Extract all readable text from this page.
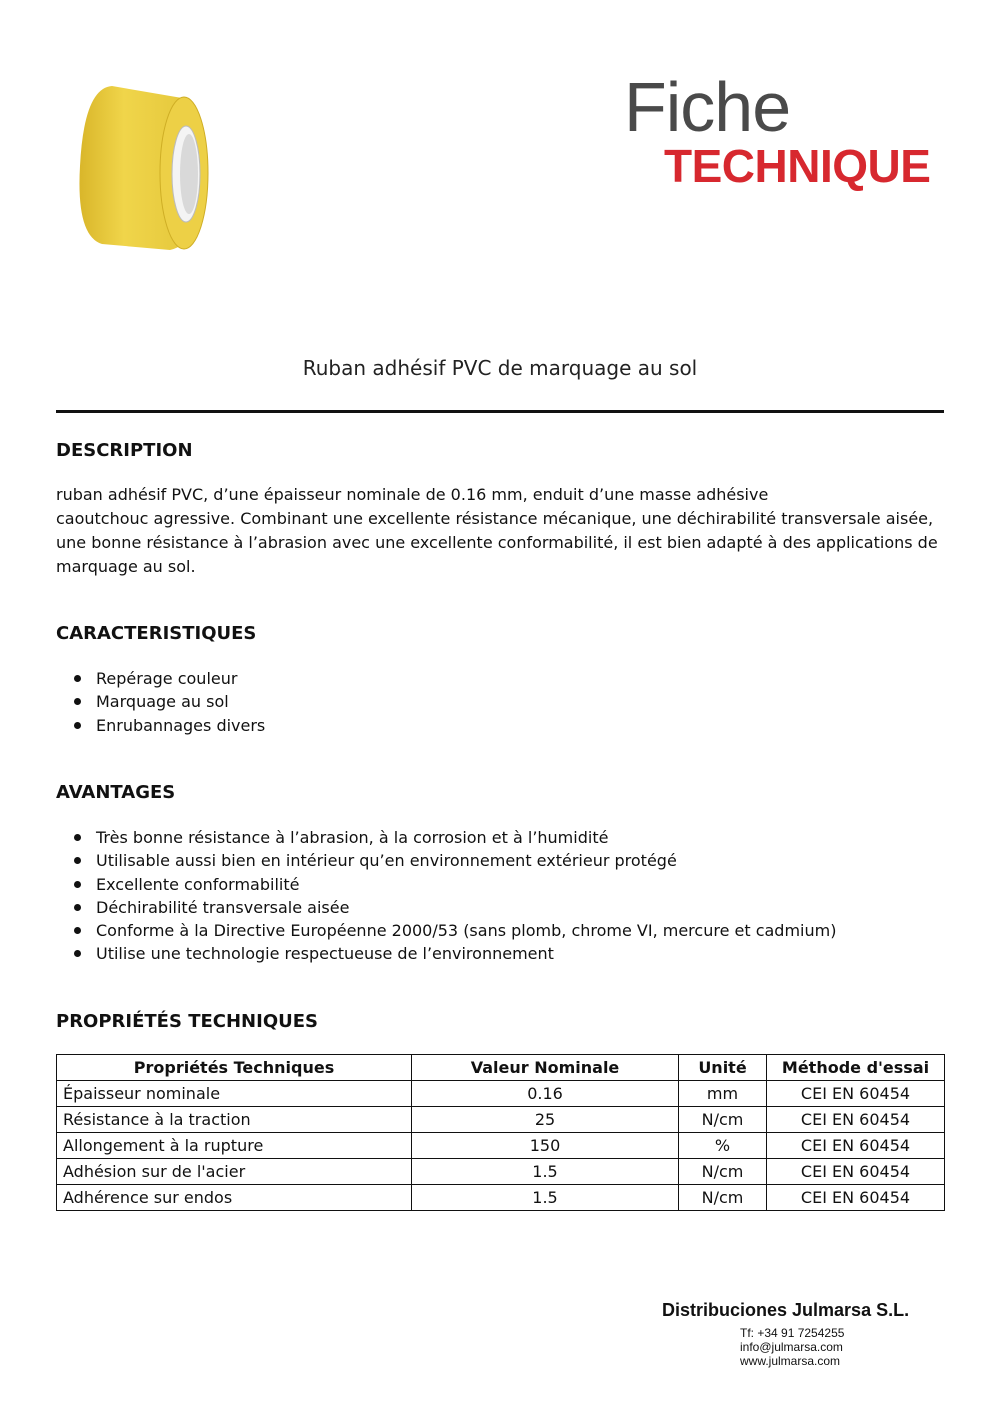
Fiche
TECHNIQUE
Ruban adhésif PVC de marquage au sol
DESCRIPTION
ruban adhésif PVC, d’une épaisseur nominale de 0.16 mm, enduit d’une masse adhésive
caoutchouc agressive. Combinant une excellente résistance mécanique, une déchirabilité transversale aisée, une bonne résistance à l’abrasion avec une excellente conformabilité, il est bien adapté à des applications de marquage au sol.
CARACTERISTIQUES
Repérage couleur
Marquage au sol
Enrubannages divers
AVANTAGES
Très bonne résistance à l’abrasion, à la corrosion et à l’humidité
Utilisable aussi bien en intérieur qu’en environnement extérieur protégé
Excellente conformabilité
Déchirabilité transversale aisée
Conforme à la Directive Européenne 2000/53 (sans plomb, chrome VI, mercure et cadmium)
Utilise une technologie respectueuse de l’environnement
PROPRIÉTÉS TECHNIQUES
Propriétés Techniques	Valeur Nominale	Unité	Méthode d'essai
Épaisseur nominale	0.16	mm	CEI EN 60454
Résistance à la traction	25	N/cm	CEI EN 60454
Allongement à la rupture	150	%	CEI EN 60454
Adhésion sur de l'acier	1.5	N/cm	CEI EN 60454
Adhérence sur endos	1.5	N/cm	CEI EN 60454
Distribuciones Julmarsa S.L.
Tf: +34 91 7254255
info@julmarsa.com
www.julmarsa.com
